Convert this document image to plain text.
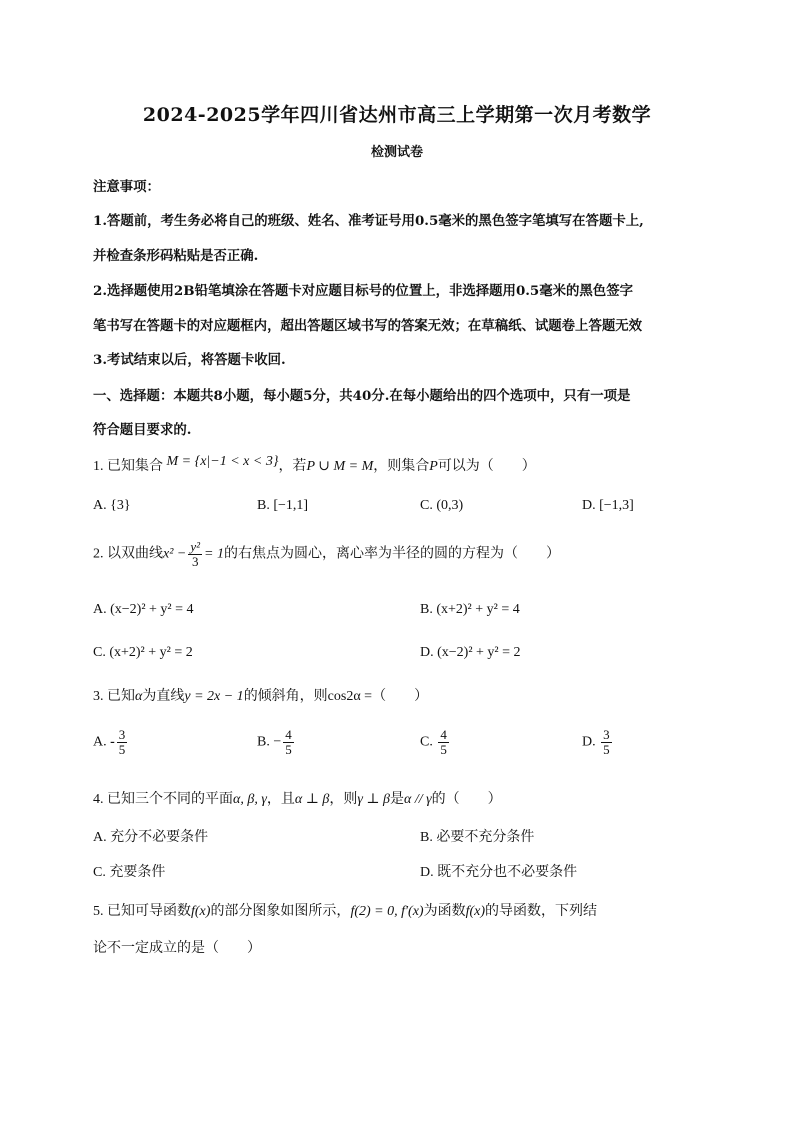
2024-2025学年四川省达州市高三上学期第一次月考数学
检测试卷
注意事项：
1.答题前，考生务必将自己的班级、姓名、准考证号用0.5毫米的黑色签字笔填写在答题卡上,
并检查条形码粘贴是否正确.
2.选择题使用2B铅笔填涂在答题卡对应题目标号的位置上，非选择题用0.5毫米的黑色签字
笔书写在答题卡的对应题框内，超出答题区域书写的答案无效；在草稿纸、试题卷上答题无效
3.考试结束以后，将答题卡收回.
一、选择题：本题共8小题，每小题5分，共40分.在每小题给出的四个选项中，只有一项是
符合题目要求的.
1. 已知集合 M = {x|−1 < x < 3}，若P ∪ M = M，则集合P可以为（　　）
A. {3}	B. [−1,1]	C. (0,3)	D. [−1,3]
2. 以双曲线$x^2 - \frac{\text{y²}}{3} = 1$的右焦点为圆心，离心率为半径的圆的方程为（　　）
A. (x−2)² + y² = 4	B. (x+2)² + y² = 4
C. (x+2)² + y² = 2	D. (x−2)² + y² = 2
3. 已知α为直线y = 2x − 1的倾斜角，则cos2α =（　　）
A. - $\frac{3}{5}$	B. − $\frac{4}{5}$	C. $\frac{4}{5}$	D. $\frac{3}{5}$
4. 已知三个不同的平面α, β, γ，且α ⊥ β，则γ ⊥ β是α // γ的（　　）
A. 充分不必要条件	B. 必要不充分条件
C. 充要条件	D. 既不充分也不必要条件
5. 已知可导函数f(x)的部分图象如图所示，f(2) = 0, f′(x)为函数f(x)的导函数，下列结
论不一定成立的是（　　）
